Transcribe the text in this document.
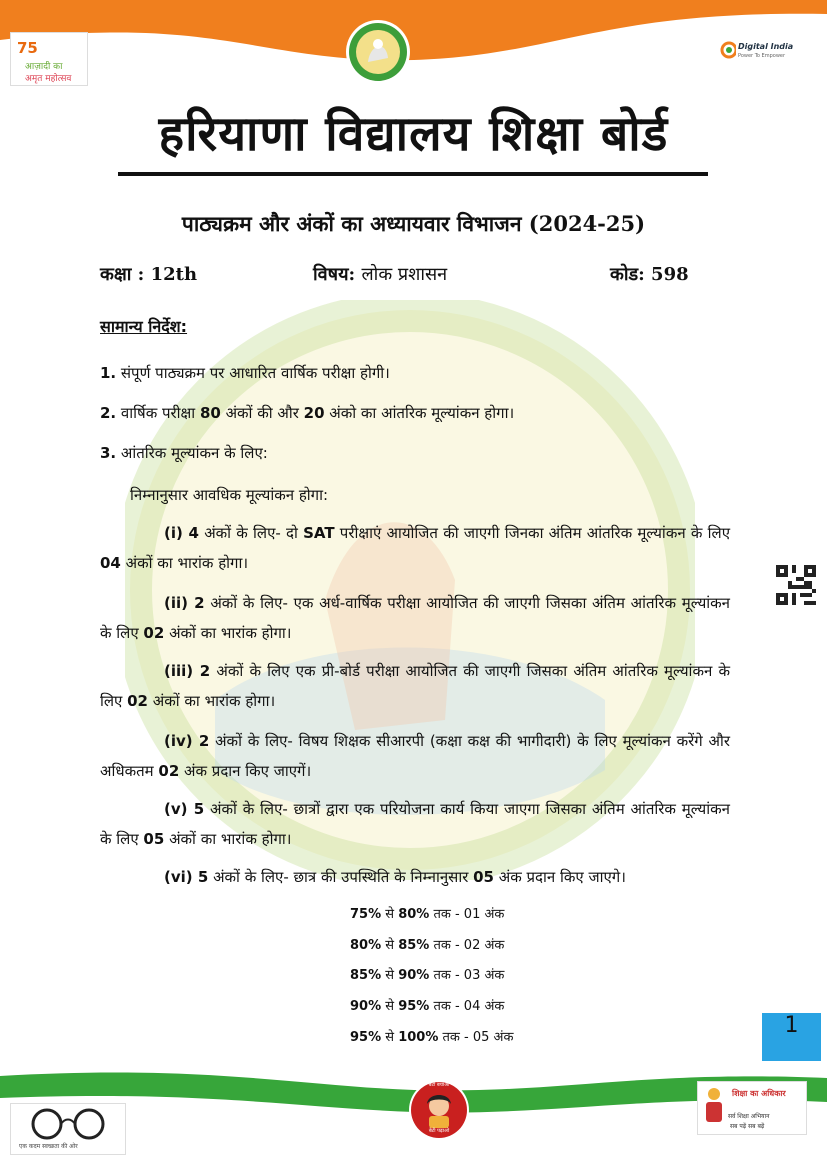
75
आज़ादी का
अमृत महोत्सव
Digital India
Power To Empower
हरियाणा विद्यालय शिक्षा बोर्ड
पाठ्यक्रम और अंकों का अध्यायवार विभाजन (2024-25)
कक्षा : 12th	विषय: लोक प्रशासन	कोड: 598
सामान्य निर्देश:
1. संपूर्ण पाठ्यक्रम पर आधारित वार्षिक परीक्षा होगी।
2. वार्षिक परीक्षा 80 अंकों की और 20 अंको का आंतरिक मूल्यांकन होगा।
3. आंतरिक मूल्यांकन के लिए:
निम्नानुसार आवधिक मूल्यांकन होगा:
(i) 4 अंकों के लिए- दो SAT परीक्षाएं आयोजित की जाएगी जिनका अंतिम आंतरिक मूल्यांकन के लिए 04 अंकों का भारांक होगा।
(ii) 2 अंकों के लिए- एक अर्ध-वार्षिक परीक्षा आयोजित की जाएगी जिसका अंतिम आंतरिक मूल्यांकन के लिए 02 अंकों का भारांक होगा।
(iii) 2 अंकों के लिए एक प्री-बोर्ड परीक्षा आयोजित की जाएगी जिसका अंतिम आंतरिक मूल्यांकन के लिए 02 अंकों का भारांक होगा।
(iv) 2 अंकों के लिए- विषय शिक्षक सीआरपी (कक्षा कक्ष की भागीदारी) के लिए मूल्यांकन करेंगे और अधिकतम 02 अंक प्रदान किए जाएगें।
(v) 5 अंकों के लिए- छात्रों द्वारा एक परियोजना कार्य किया जाएगा जिसका अंतिम आंतरिक मूल्यांकन के लिए 05 अंकों का भारांक होगा।
(vi) 5 अंकों के लिए- छात्र की उपस्थिति के निम्नानुसार 05 अंक प्रदान किए जाएगे।
75% से 80% तक - 01 अंक
80% से 85% तक - 02 अंक
85% से 90% तक - 03 अंक
90% से 95% तक - 04 अंक
95% से 100% तक - 05 अंक	1
बेटी बचाओ
बेटी पढ़ाओ
एक कदम स्वच्छता की ओर
शिक्षा का अधिकार
सर्व शिक्षा अभियान
सब पढ़ें सब बढ़ें
